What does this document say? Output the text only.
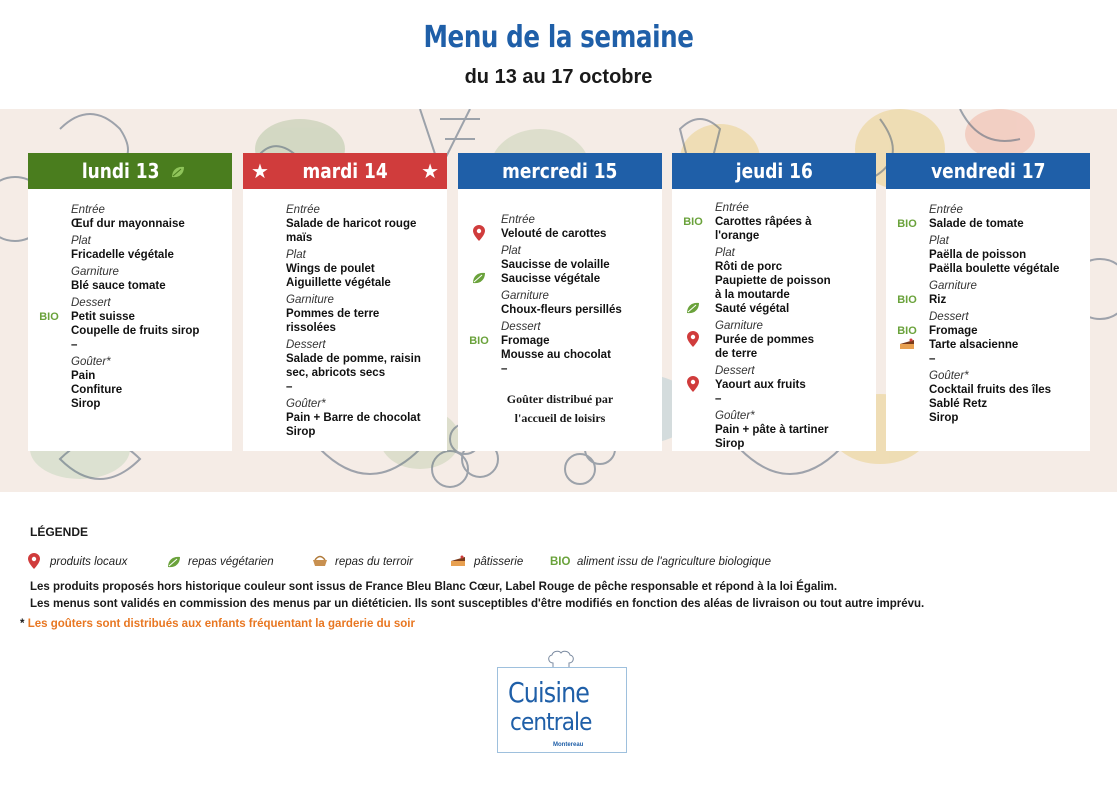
Menu de la semaine
du 13 au 17 octobre
lundi 13
Entrée
Œuf dur mayonnaise
Plat
Fricadelle végétale
Garniture
Blé sauce tomate
Dessert
Petit suisse
BIO
Coupelle de fruits sirop
–
Goûter*
Pain
Confiture
Sirop
mardi 14
★	★
Entrée
Salade de haricot rouge
maïs
Plat
Wings de poulet
Aiguillette végétale
Garniture
Pommes de terre
rissolées
Dessert
Salade de pomme, raisin
sec, abricots secs
–
Goûter*
Pain + Barre de chocolat
Sirop
mercredi 15
Entrée
Velouté de carottes
Plat
Saucisse de volaille
Saucisse végétale
Garniture
Choux-fleurs persillés
Dessert
Fromage
BIO
Mousse au chocolat
–
Goûter distribué par
l'accueil de loisirs
jeudi 16
Entrée
Carottes râpées à
BIO
l'orange
Plat
Rôti de porc
Paupiette de poisson
à la moutarde
Sauté végétal
Garniture
Purée de pommes
de terre
Dessert
Yaourt aux fruits
–
Goûter*
Pain + pâte à tartiner
Sirop
vendredi 17
Entrée
Salade de tomate
BIO
Plat
Paëlla de poisson
Paëlla boulette végétale
Garniture
Riz
BIO
Dessert
Fromage
BIO
Tarte alsacienne
–
Goûter*
Cocktail fruits des îles
Sablé Retz
Sirop
LÉGENDE
produits locaux	repas végétarien	repas du terroir	pâtisserie BIO aliment issu de l'agriculture biologique
Les produits proposés hors historique couleur sont issus de France Bleu Blanc Cœur, Label Rouge de pêche responsable et répond à la loi Égalim.
Les menus sont validés en commission des menus par un diététicien. Ils sont susceptibles d'être modifiés en fonction des aléas de livraison ou tout autre imprévu.
* Les goûters sont distribués aux enfants fréquentant la garderie du soir
Cuisine
centrale
Montereau
